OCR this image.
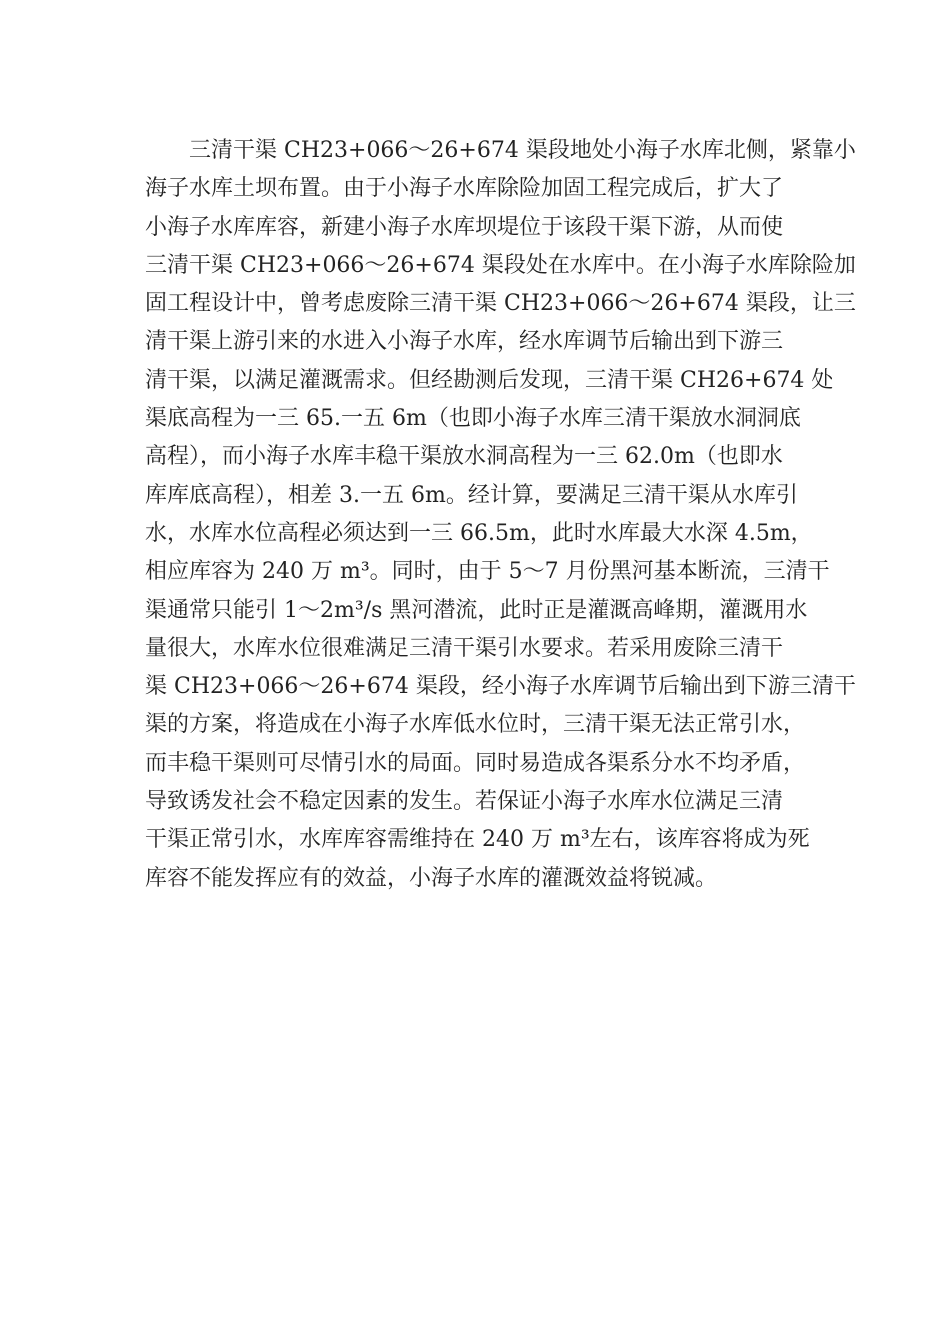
三清干渠 CH23+066～26+674 渠段地处小海子水库北侧，紧靠小
海子水库土坝布置。由于小海子水库除险加固工程完成后，扩大了
小海子水库库容，新建小海子水库坝堤位于该段干渠下游，从而使
三清干渠 CH23+066～26+674 渠段处在水库中。在小海子水库除险加
固工程设计中，曾考虑废除三清干渠 CH23+066～26+674 渠段，让三
清干渠上游引来的水进入小海子水库，经水库调节后输出到下游三
清干渠，以满足灌溉需求。但经勘测后发现，三清干渠 CH26+674 处
渠底高程为一三 65.一五 6m（也即小海子水库三清干渠放水洞洞底
高程），而小海子水库丰稳干渠放水洞高程为一三 62.0m（也即水
库库底高程），相差 3.一五 6m。经计算，要满足三清干渠从水库引
水，水库水位高程必须达到一三 66.5m，此时水库最大水深 4.5m，
相应库容为 240 万 m³。同时，由于 5～7 月份黑河基本断流，三清干
渠通常只能引 1～2m³/s 黑河潜流，此时正是灌溉高峰期，灌溉用水
量很大，水库水位很难满足三清干渠引水要求。若采用废除三清干
渠 CH23+066～26+674 渠段，经小海子水库调节后输出到下游三清干
渠的方案，将造成在小海子水库低水位时，三清干渠无法正常引水，
而丰稳干渠则可尽情引水的局面。同时易造成各渠系分水不均矛盾，
导致诱发社会不稳定因素的发生。若保证小海子水库水位满足三清
干渠正常引水，水库库容需维持在 240 万 m³左右，该库容将成为死
库容不能发挥应有的效益，小海子水库的灌溉效益将锐减。
